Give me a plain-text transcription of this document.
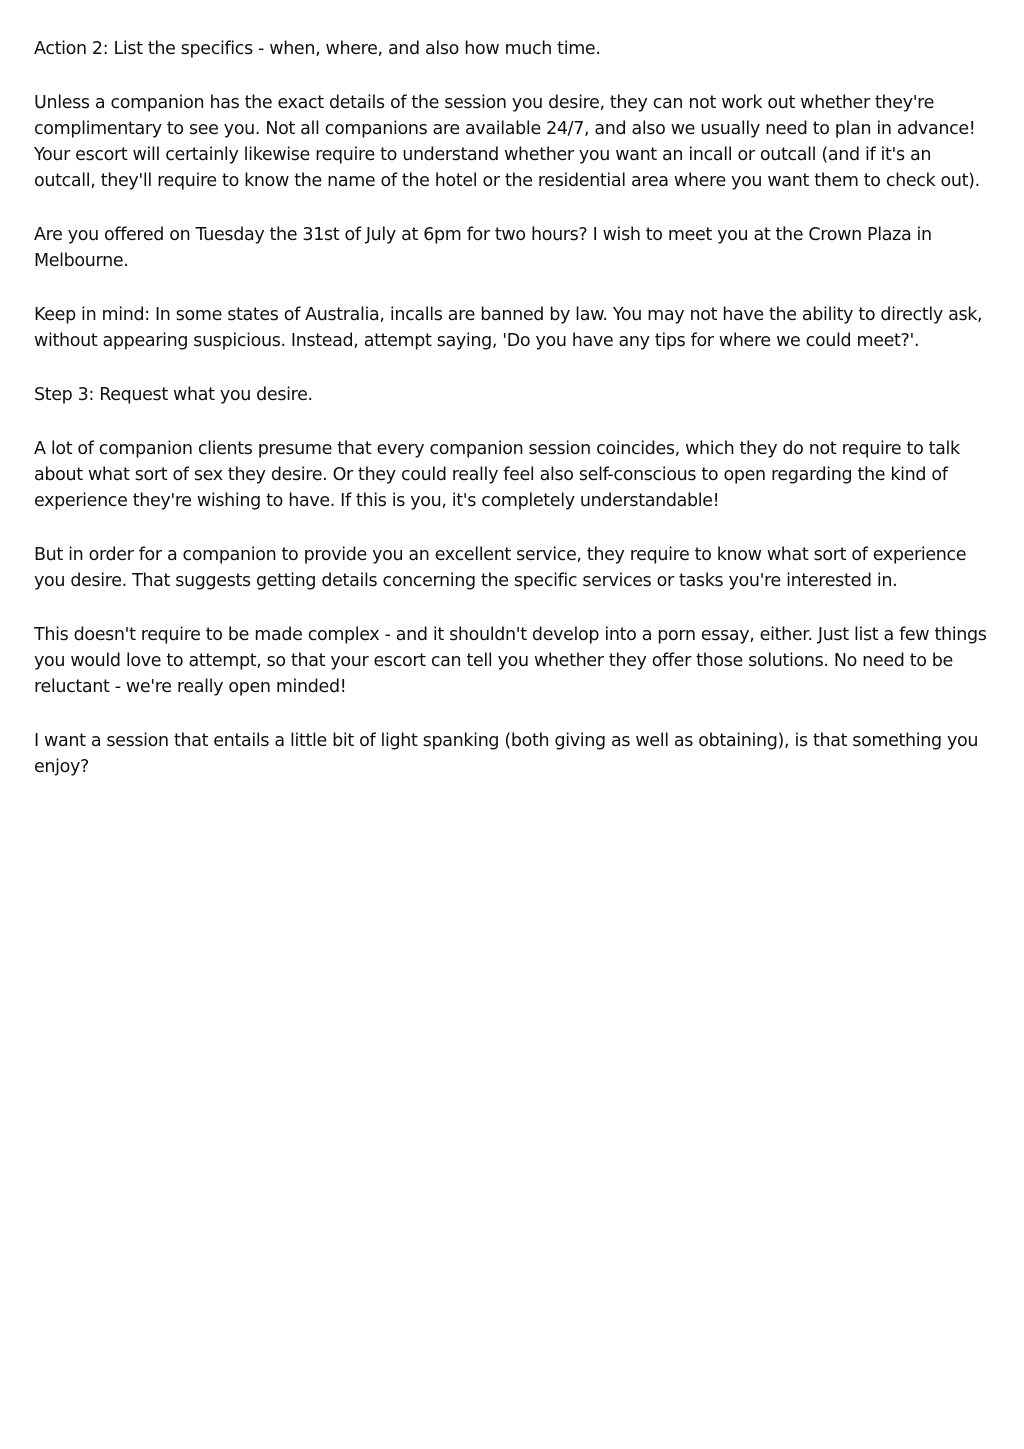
Action 2: List the specifics - when, where, and also how much time.

Unless a companion has the exact details of the session you desire, they can not work out whether they're complimentary to see you. Not all companions are available 24/7, and also we usually need to plan in advance! Your escort will certainly likewise require to understand whether you want an incall or outcall (and if it's an outcall, they'll require to know the name of the hotel or the residential area where you want them to check out).

Are you offered on Tuesday the 31st of July at 6pm for two hours? I wish to meet you at the Crown Plaza in Melbourne.

Keep in mind: In some states of Australia, incalls are banned by law. You may not have the ability to directly ask, without appearing suspicious. Instead, attempt saying, 'Do you have any tips for where we could meet?'.

Step 3: Request what you desire.

A lot of companion clients presume that every companion session coincides, which they do not require to talk about what sort of sex they desire. Or they could really feel also self-conscious to open regarding the kind of experience they're wishing to have. If this is you, it's completely understandable!

But in order for a companion to provide you an excellent service, they require to know what sort of experience you desire. That suggests getting details concerning the specific services or tasks you're interested in.

This doesn't require to be made complex - and it shouldn't develop into a porn essay, either. Just list a few things you would love to attempt, so that your escort can tell you whether they offer those solutions. No need to be reluctant - we're really open minded!

I want a session that entails a little bit of light spanking (both giving as well as obtaining), is that something you enjoy?
